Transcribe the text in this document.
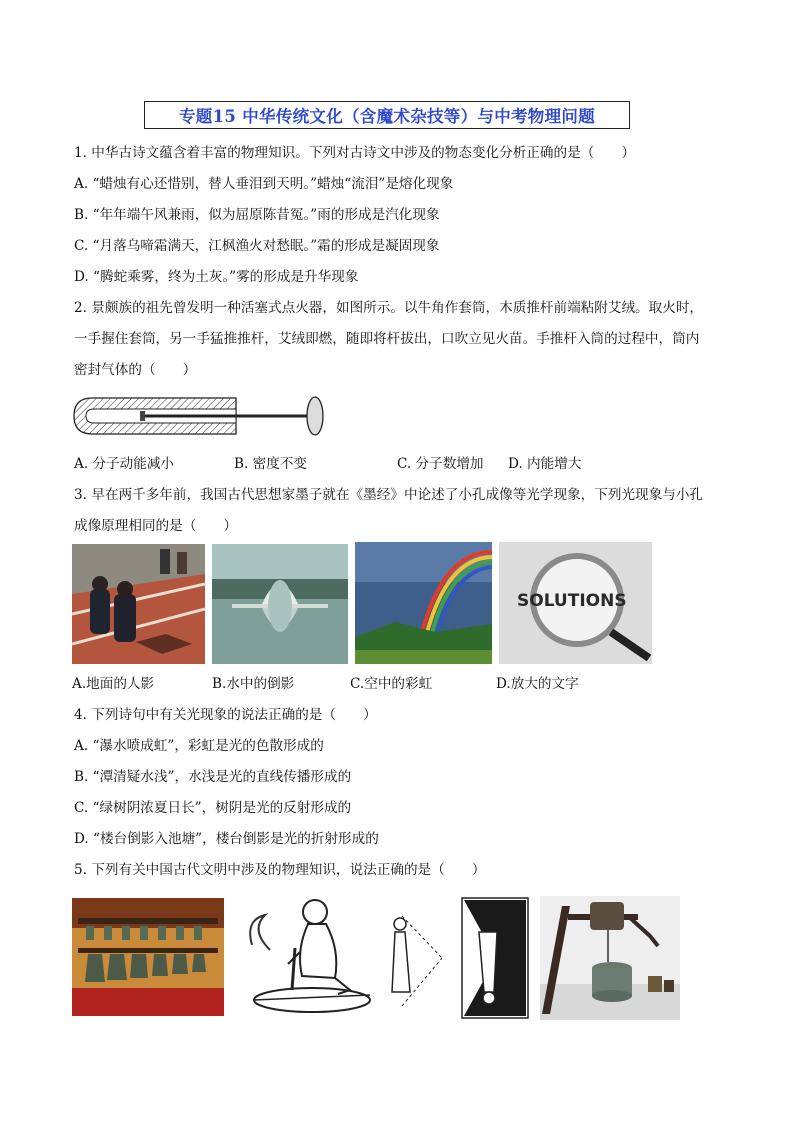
专题15 中华传统文化（含魔术杂技等）与中考物理问题
1. 中华古诗文蕴含着丰富的物理知识。下列对古诗文中涉及的物态变化分析正确的是（　　）
A. “蜡烛有心还惜别，替人垂泪到天明。”蜡烛“流泪”是熔化现象
B. “年年端午风兼雨，似为屈原陈昔冤。”雨的形成是汽化现象
C. “月落乌啼霜满天，江枫渔火对愁眠。”霜的形成是凝固现象
D. “腾蛇乘雾，终为土灰。”雾的形成是升华现象
2. 景颇族的祖先曾发明一种活塞式点火器，如图所示。以牛角作套筒，木质推杆前端粘附艾绒。取火时，
一手握住套筒，另一手猛推推杆，艾绒即燃，随即将杆拔出，口吹立见火苗。手推杆入筒的过程中，筒内
密封气体的（　　）
A. 分子动能减小	B. 密度不变	C. 分子数增加 D. 内能增大
3. 早在两千多年前，我国古代思想家墨子就在《墨经》中论述了小孔成像等光学现象，下列光现象与小孔
成像原理相同的是（　　）
SOLUTIONS
A.地面的人影	B.水中的倒影	C.空中的彩虹	D.放大的文字
4. 下列诗句中有关光现象的说法正确的是（　　）
A. “瀑水喷成虹”，彩虹是光的色散形成的
B. “潭清疑水浅”，水浅是光的直线传播形成的
C. “绿树阴浓夏日长”，树阴是光的反射形成的
D. “楼台倒影入池塘”，楼台倒影是光的折射形成的
5. 下列有关中国古代文明中涉及的物理知识，说法正确的是（　　）
